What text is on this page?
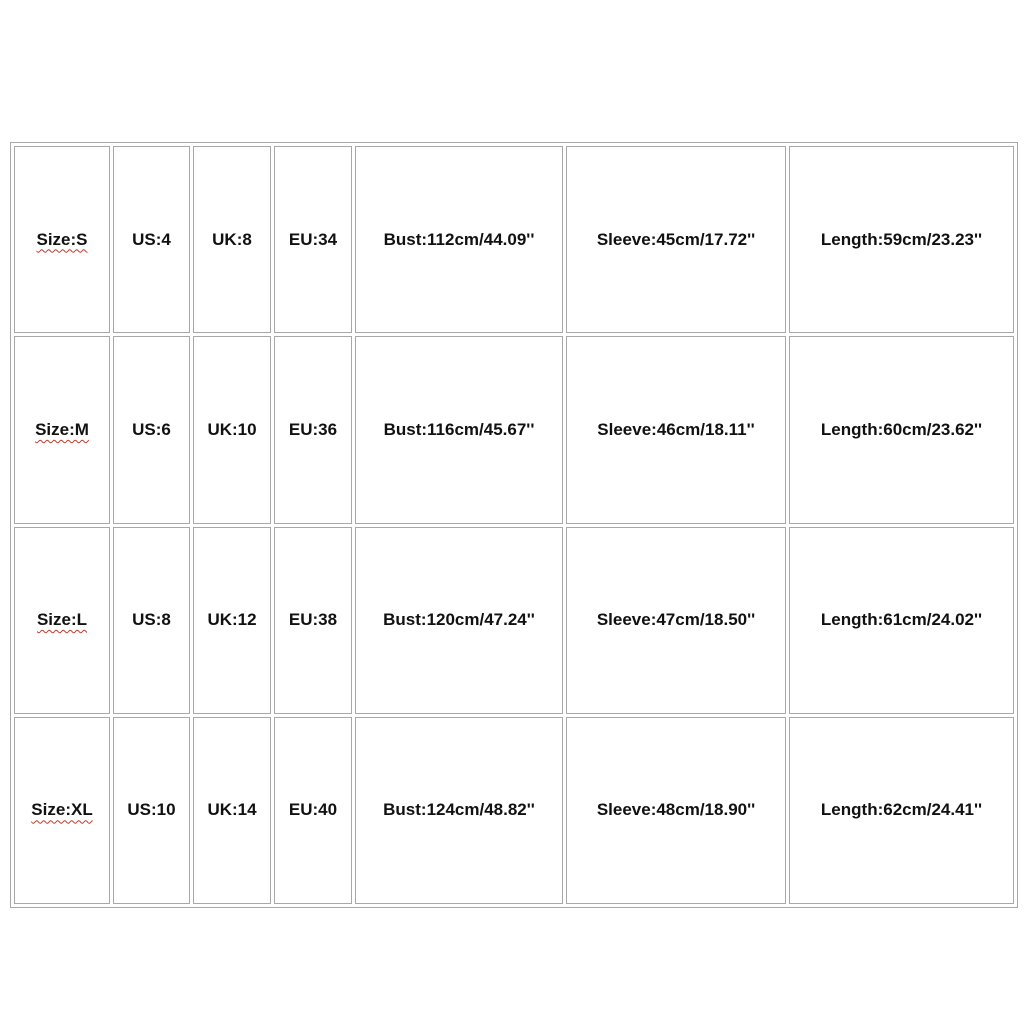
Size:S	US:4	UK:8	EU:34	Bust:112cm/44.09''	Sleeve:45cm/17.72''	Length:59cm/23.23''
Size:M	US:6	UK:10	EU:36	Bust:116cm/45.67''	Sleeve:46cm/18.11''	Length:60cm/23.62''
Size:L	US:8	UK:12	EU:38	Bust:120cm/47.24''	Sleeve:47cm/18.50''	Length:61cm/24.02''
Size:XL	US:10	UK:14	EU:40	Bust:124cm/48.82''	Sleeve:48cm/18.90''	Length:62cm/24.41''
